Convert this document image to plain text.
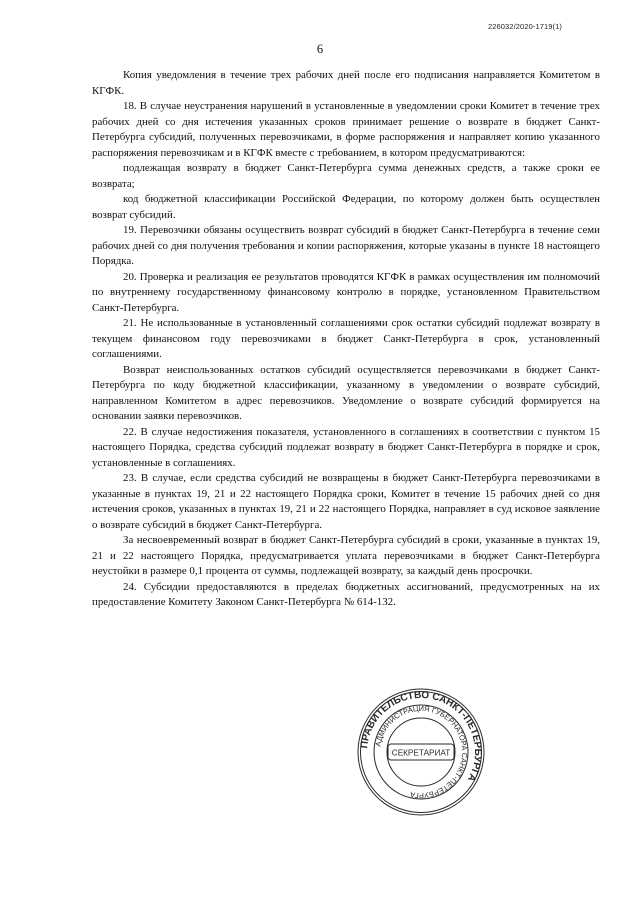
226032/2020-1719(1)
6

Копия уведомления в течение трех рабочих дней после его подписания направляется Комитетом в КГФК.

18. В случае неустранения нарушений в установленные в уведомлении сроки Комитет в течение трех рабочих дней со дня истечения указанных сроков принимает решение о возврате в бюджет Санкт-Петербурга субсидий, полученных перевозчиками, в форме распоряжения и направляет копию указанного распоряжения перевозчикам и в КГФК вместе с требованием, в котором предусматриваются:

подлежащая возврату в бюджет Санкт-Петербурга сумма денежных средств, а также сроки ее возврата;

код бюджетной классификации Российской Федерации, по которому должен быть осуществлен возврат субсидий.

19. Перевозчики обязаны осуществить возврат субсидий в бюджет Санкт-Петербурга в течение семи рабочих дней со дня получения требования и копии распоряжения, которые указаны в пункте 18 настоящего Порядка.

20. Проверка и реализация ее результатов проводятся КГФК в рамках осуществления им полномочий по внутреннему государственному финансовому контролю в порядке, установленном Правительством Санкт-Петербурга.

21. Не использованные в установленный соглашениями срок остатки субсидий подлежат возврату в текущем финансовом году перевозчиками в бюджет Санкт-Петербурга в срок, установленный соглашениями.

Возврат неиспользованных остатков субсидий осуществляется перевозчиками в бюджет Санкт-Петербурга по коду бюджетной классификации, указанному в уведомлении о возврате субсидий, направленном Комитетом в адрес перевозчиков. Уведомление о возврате субсидий формируется на основании заявки перевозчиков.

22. В случае недостижения показателя, установленного в соглашениях в соответствии с пунктом 15 настоящего Порядка, средства субсидий подлежат возврату в бюджет Санкт-Петербурга в порядке и срок, установленные в соглашениях.

23. В случае, если средства субсидий не возвращены в бюджет Санкт-Петербурга перевозчиками в указанные в пунктах 19, 21 и 22 настоящего Порядка сроки, Комитет в течение 15 рабочих дней со дня истечения сроков, указанных в пунктах 19, 21 и 22 настоящего Порядка, направляет в суд исковое заявление о возврате субсидий в бюджет Санкт-Петербурга.

За несвоевременный возврат в бюджет Санкт-Петербурга субсидий в сроки, указанные в пунктах 19, 21 и 22 настоящего Порядка, предусматривается уплата перевозчиками в бюджет Санкт-Петербурга неустойки в размере 0,1 процента от суммы, подлежащей возврату, за каждый день просрочки.

24. Субсидии предоставляются в пределах бюджетных ассигнований, предусмотренных на их предоставление Комитету Законом Санкт-Петербурга № 614-132.

ПРАВИТЕЛЬСТВО САНКТ-ПЕТЕРБУРГА
АДМИНИСТРАЦИЯ ГУБЕРНАТОРА САНКТ-ПЕТЕРБУРГА
СЕКРЕТАРИАТ
